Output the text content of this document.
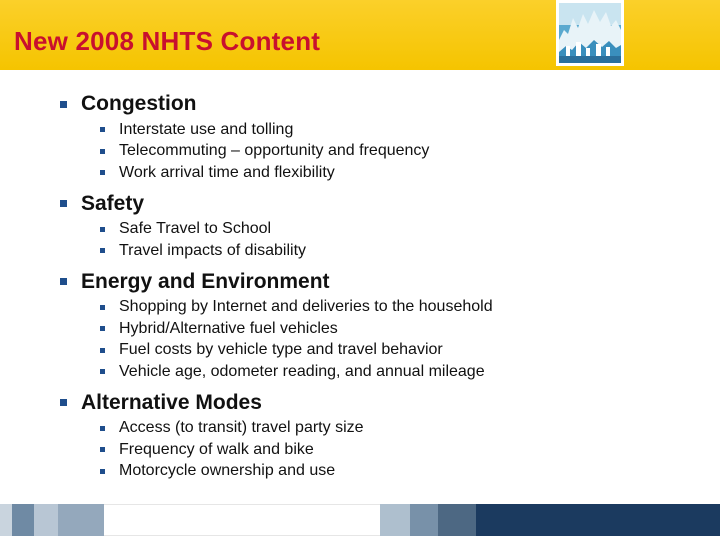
New 2008 NHTS Content
Congestion
Interstate use and tolling
Telecommuting – opportunity and frequency
Work arrival time and flexibility
Safety
Safe Travel to School
Travel impacts of disability
Energy and Environment
Shopping by Internet and deliveries to the household
Hybrid/Alternative fuel vehicles
Fuel costs by vehicle type and travel behavior
Vehicle age, odometer reading, and annual mileage
Alternative Modes
Access (to transit) travel party size
Frequency of walk and bike
Motorcycle ownership and use
